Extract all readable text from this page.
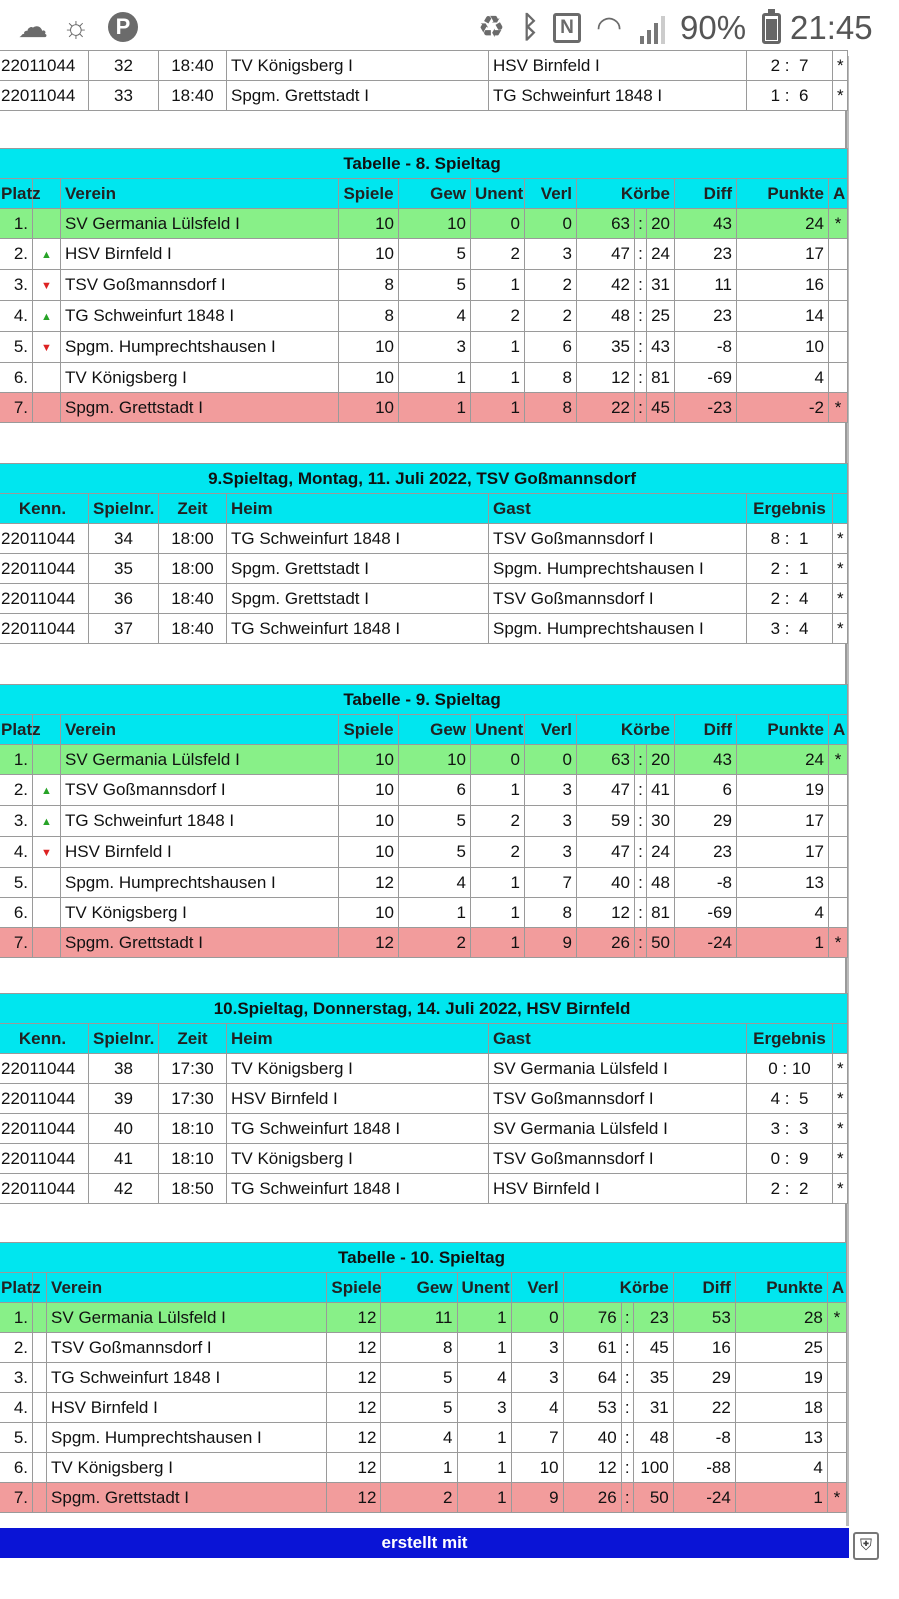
☁ ☼	P	♻ ᛒ	N ◠ 90% 21:45
22011044	32	18:40	TV Königsberg I	HSV Birnfeld I	2 :  7	*
22011044	33	18:40	Spgm. Grettstadt I	TG Schweinfurt 1848 I	1 :  6	*
Tabelle - 8. Spieltag												
Platz		Verein	Spiele	Gew	Unent	Verl	Körbe			Diff	Punkte	A
1.		SV Germania Lülsfeld I	10	10	0	0	63	:	20	43	24	*
2.	▲	HSV Birnfeld I	10	5	2	3	47	:	24	23	17	
3.	▼	TSV Goßmannsdorf I	8	5	1	2	42	:	31	11	16	
4.	▲	TG Schweinfurt 1848 I	8	4	2	2	48	:	25	23	14	
5.	▼	Spgm. Humprechtshausen I	10	3	1	6	35	:	43	-8	10	
6.		TV Königsberg I	10	1	1	8	12	:	81	-69	4	
7.		Spgm. Grettstadt I	10	1	1	8	22	:	45	-23	-2	*
9.Spieltag, Montag, 11. Juli 2022, TSV Goßmannsdorf						
Kenn.	Spielnr.	Zeit	Heim	Gast	Ergebnis	
22011044	34	18:00	TG Schweinfurt 1848 I	TSV Goßmannsdorf I	8 :  1	*
22011044	35	18:00	Spgm. Grettstadt I	Spgm. Humprechtshausen I	2 :  1	*
22011044	36	18:40	Spgm. Grettstadt I	TSV Goßmannsdorf I	2 :  4	*
22011044	37	18:40	TG Schweinfurt 1848 I	Spgm. Humprechtshausen I	3 :  4	*
Tabelle - 9. Spieltag												
Platz		Verein	Spiele	Gew	Unent	Verl	Körbe			Diff	Punkte	A
1.		SV Germania Lülsfeld I	10	10	0	0	63	:	20	43	24	*
2.	▲	TSV Goßmannsdorf I	10	6	1	3	47	:	41	6	19	
3.	▲	TG Schweinfurt 1848 I	10	5	2	3	59	:	30	29	17	
4.	▼	HSV Birnfeld I	10	5	2	3	47	:	24	23	17	
5.		Spgm. Humprechtshausen I	12	4	1	7	40	:	48	-8	13	
6.		TV Königsberg I	10	1	1	8	12	:	81	-69	4	
7.		Spgm. Grettstadt I	12	2	1	9	26	:	50	-24	1	*
10.Spieltag, Donnerstag, 14. Juli 2022, HSV Birnfeld						
Kenn.	Spielnr.	Zeit	Heim	Gast	Ergebnis	
22011044	38	17:30	TV Königsberg I	SV Germania Lülsfeld I	0 : 10	*
22011044	39	17:30	HSV Birnfeld I	TSV Goßmannsdorf I	4 :  5	*
22011044	40	18:10	TG Schweinfurt 1848 I	SV Germania Lülsfeld I	3 :  3	*
22011044	41	18:10	TV Königsberg I	TSV Goßmannsdorf I	0 :  9	*
22011044	42	18:50	TG Schweinfurt 1848 I	HSV Birnfeld I	2 :  2	*
Tabelle - 10. Spieltag												
Platz		Verein	Spiele	Gew	Unent	Verl	Körbe			Diff	Punkte	A
1.		SV Germania Lülsfeld I	12	11	1	0	76	:	23	53	28	*
2.		TSV Goßmannsdorf I	12	8	1	3	61	:	45	16	25	
3.		TG Schweinfurt 1848 I	12	5	4	3	64	:	35	29	19	
4.		HSV Birnfeld I	12	5	3	4	53	:	31	22	18	
5.		Spgm. Humprechtshausen I	12	4	1	7	40	:	48	-8	13	
6.		TV Königsberg I	12	1	1	10	12	:	100	-88	4	
7.		Spgm. Grettstadt I	12	2	1	9	26	:	50	-24	1	*
erstellt mit	⛨
